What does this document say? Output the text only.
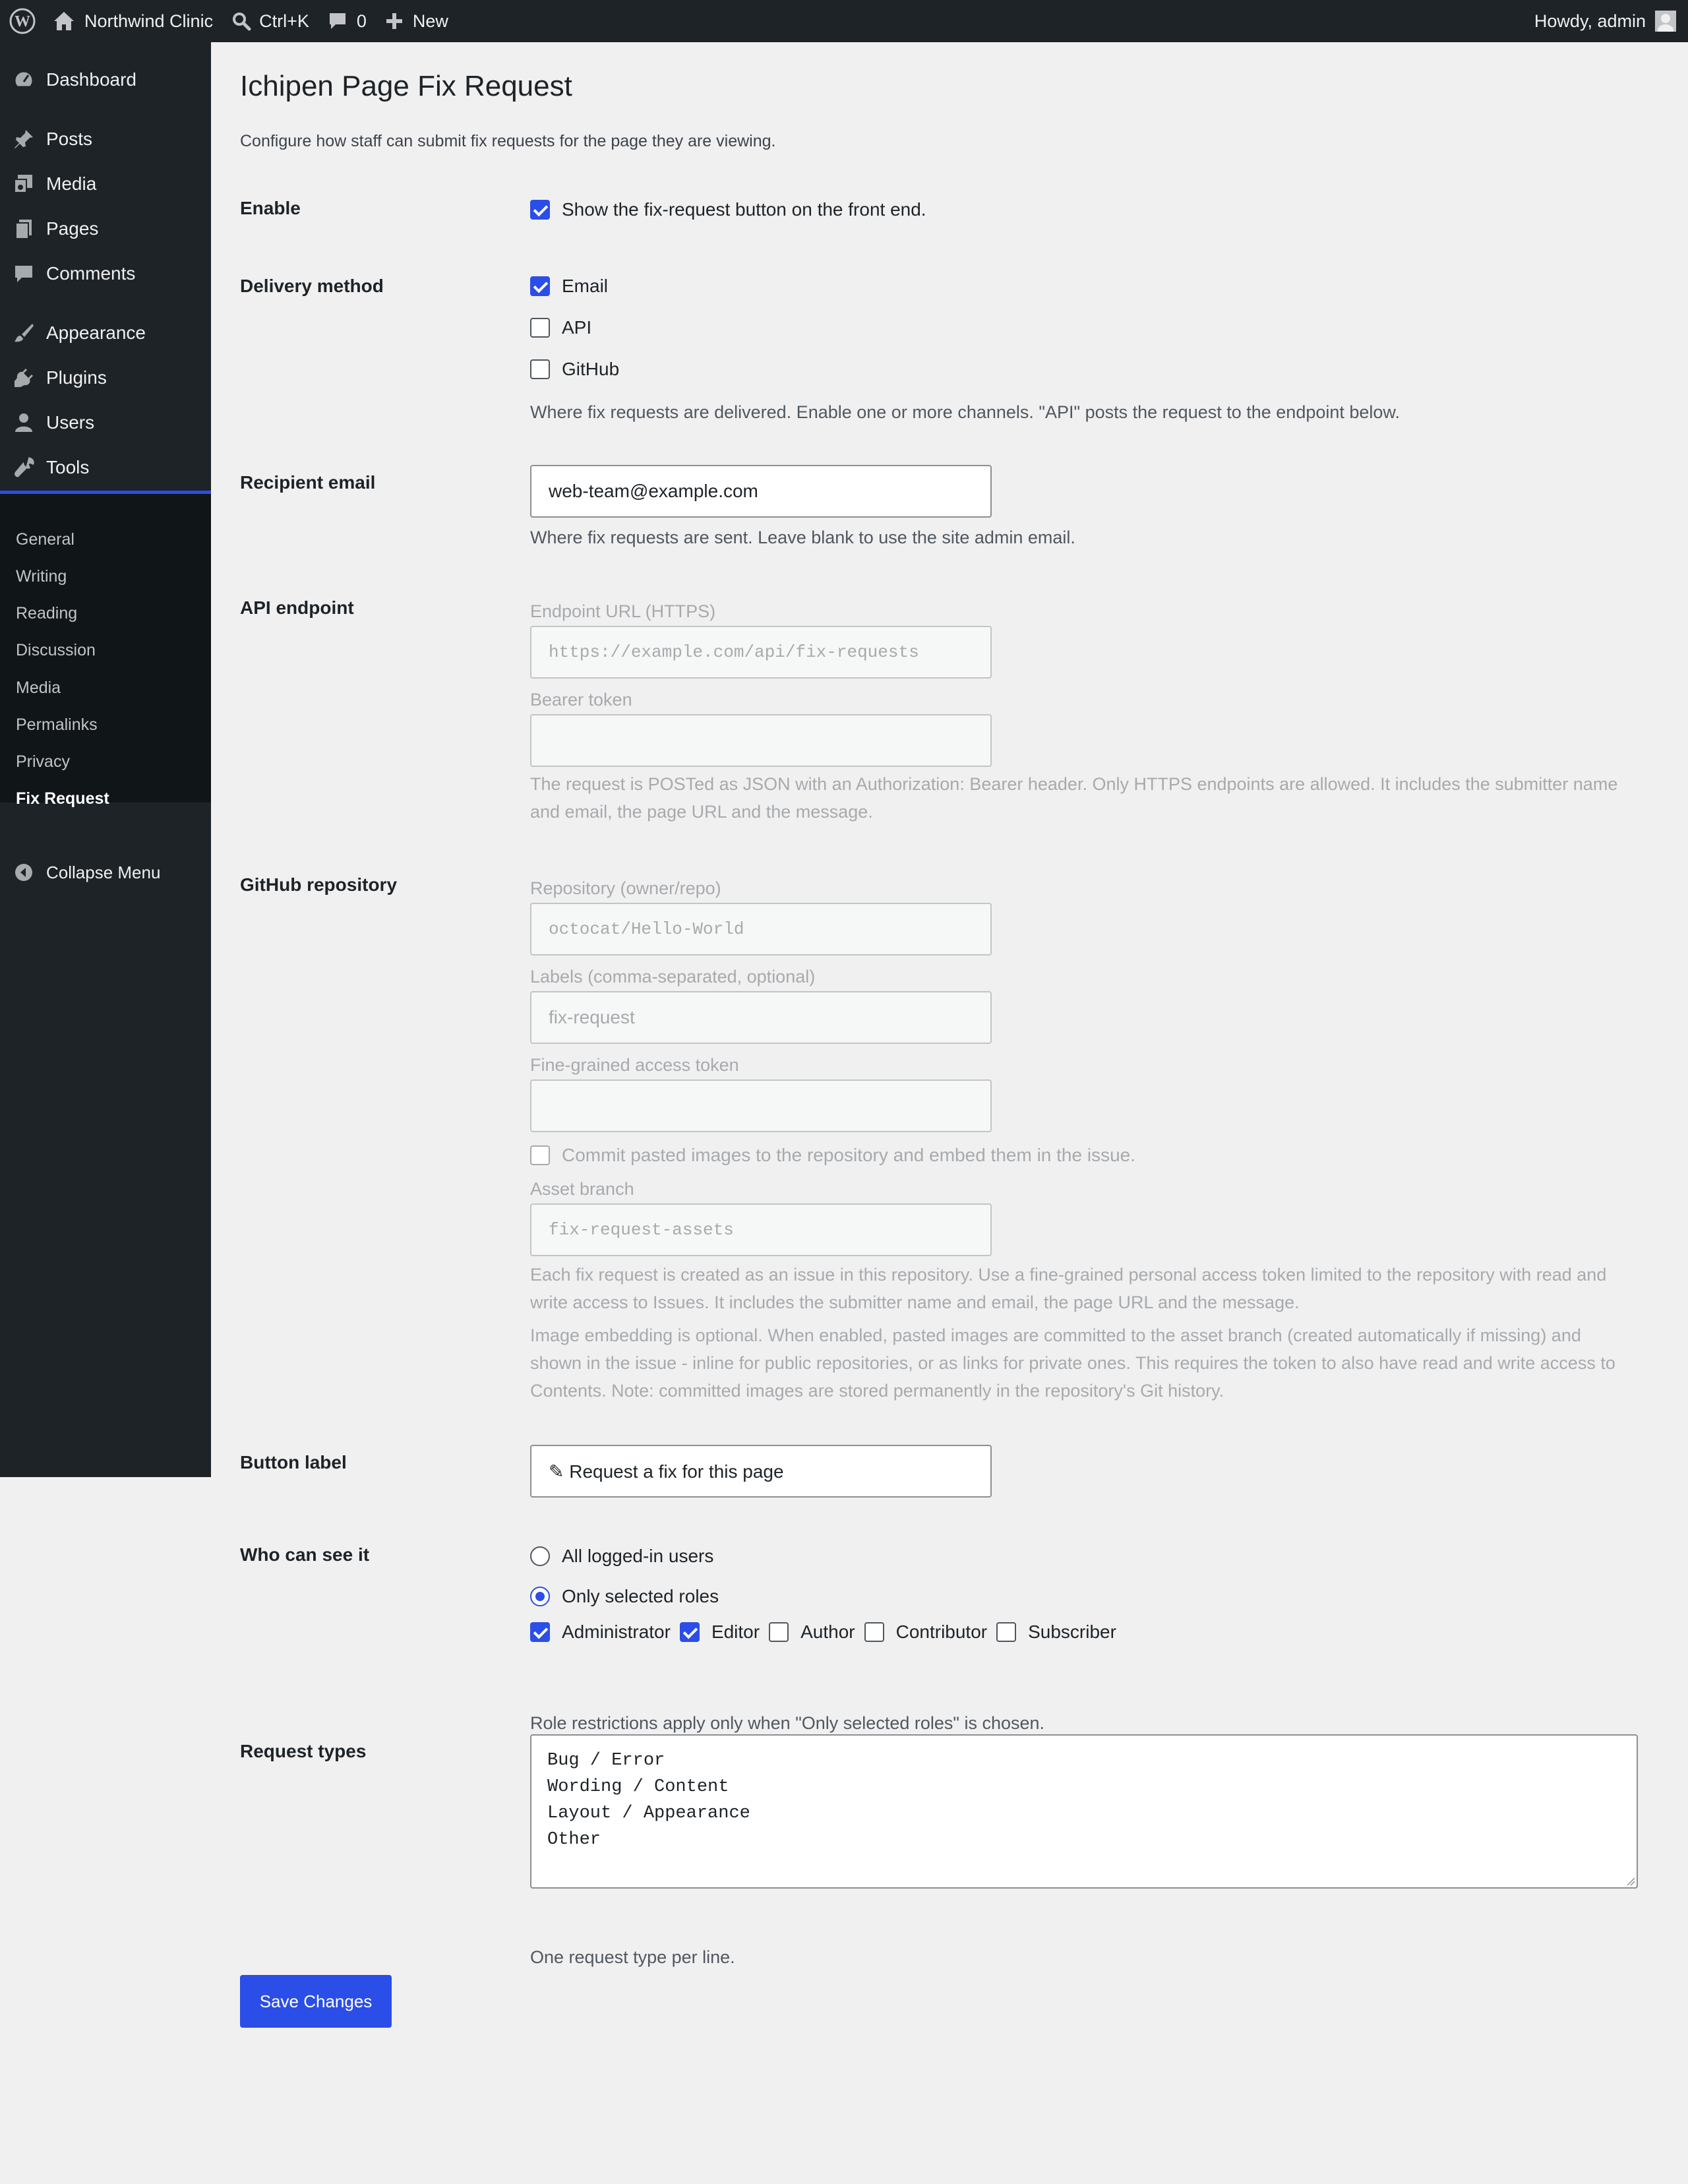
W	Northwind Clinic	Ctrl+K	0	New	Howdy, admin
Dashboard
Posts
Media
Pages
Comments
Appearance
Plugins
Users
Tools
General
Writing
Reading
Discussion
Media
Permalinks
Privacy
Fix Request
Collapse Menu
Ichipen Page Fix Request

Configure how staff can submit fix requests for the page they are viewing.

Enable	Show the fix-request button on the front end.
Delivery method	Email
API
GitHub

Where fix requests are delivered. Enable one or more channels. "API" posts the request to the endpoint below.

Recipient email	web-team@example.com

Where fix requests are sent. Leave blank to use the site admin email.

API endpoint	Endpoint URL (HTTPS)
https://example.com/api/fix-requests
Bearer token

The request is POSTed as JSON with an Authorization: Bearer header. Only HTTPS endpoints are allowed. It includes the submitter name
and email, the page URL and the message.

GitHub repository	Repository (owner/repo)
octocat/Hello-World
Labels (comma-separated, optional)
fix-request
Fine-grained access token
Commit pasted images to the repository and embed them in the issue.
Asset branch
fix-request-assets

Each fix request is created as an issue in this repository. Use a fine-grained personal access token limited to the repository with read and
write access to Issues. It includes the submitter name and email, the page URL and the message.

Image embedding is optional. When enabled, pasted images are committed to the asset branch (created automatically if missing) and
shown in the issue - inline for public repositories, or as links for private ones. This requires the token to also have read and write access to
Contents. Note: committed images are stored permanently in the repository's Git history.

Button label	✎ Request a fix for this page
Who can see it	All logged-in users
Only selected roles
Administrator Editor Author Contributor Subscriber

Role restrictions apply only when "Only selected roles" is chosen.

Request types	Bug / Error
Wording / Content
Layout / Appearance
Other

One request type per line.

Save Changes
